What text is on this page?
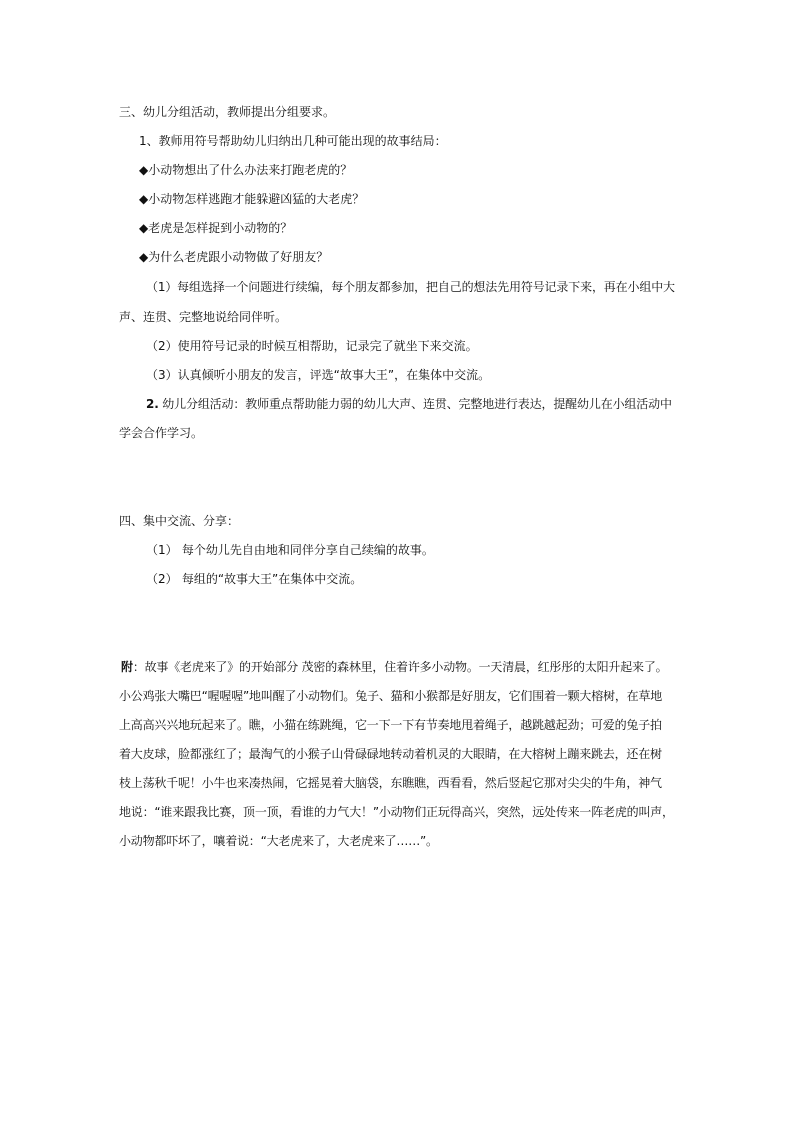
三、幼儿分组活动，教师提出分组要求。
1、教师用符号帮助幼儿归纳出几种可能出现的故事结局：
◆小动物想出了什么办法来打跑老虎的？
◆小动物怎样逃跑才能躲避凶猛的大老虎？
◆老虎是怎样捉到小动物的？
◆为什么老虎跟小动物做了好朋友？
（1）每组选择一个问题进行续编，每个朋友都参加，把自己的想法先用符号记录下来，再在小组中大
声、连贯、完整地说给同伴听。
（2）使用符号记录的时候互相帮助，记录完了就坐下来交流。
（3）认真倾听小朋友的发言，评选“故事大王”，在集体中交流。
2. 幼儿分组活动：教师重点帮助能力弱的幼儿大声、连贯、完整地进行表达，提醒幼儿在小组活动中
学会合作学习。
四、集中交流、分享：
（1） 每个幼儿先自由地和同伴分享自己续编的故事。
（2） 每组的“故事大王”在集体中交流。
附：故事《老虎来了》的开始部分 茂密的森林里，住着许多小动物。一天清晨，红彤彤的太阳升起来了。
小公鸡张大嘴巴“喔喔喔”地叫醒了小动物们。兔子、猫和小猴都是好朋友，它们围着一颗大榕树，在草地
上高高兴兴地玩起来了。瞧，小猫在练跳绳，它一下一下有节奏地甩着绳子，越跳越起劲；可爱的兔子拍
着大皮球，脸都涨红了；最淘气的小猴子山骨碌碌地转动着机灵的大眼睛，在大榕树上蹦来跳去，还在树
枝上荡秋千呢！小牛也来凑热闹，它摇晃着大脑袋，东瞧瞧，西看看，然后竖起它那对尖尖的牛角，神气
地说：“谁来跟我比赛，顶一顶，看谁的力气大！”小动物们正玩得高兴，突然，远处传来一阵老虎的叫声，
小动物都吓坏了，嚷着说：“大老虎来了，大老虎来了……”。
